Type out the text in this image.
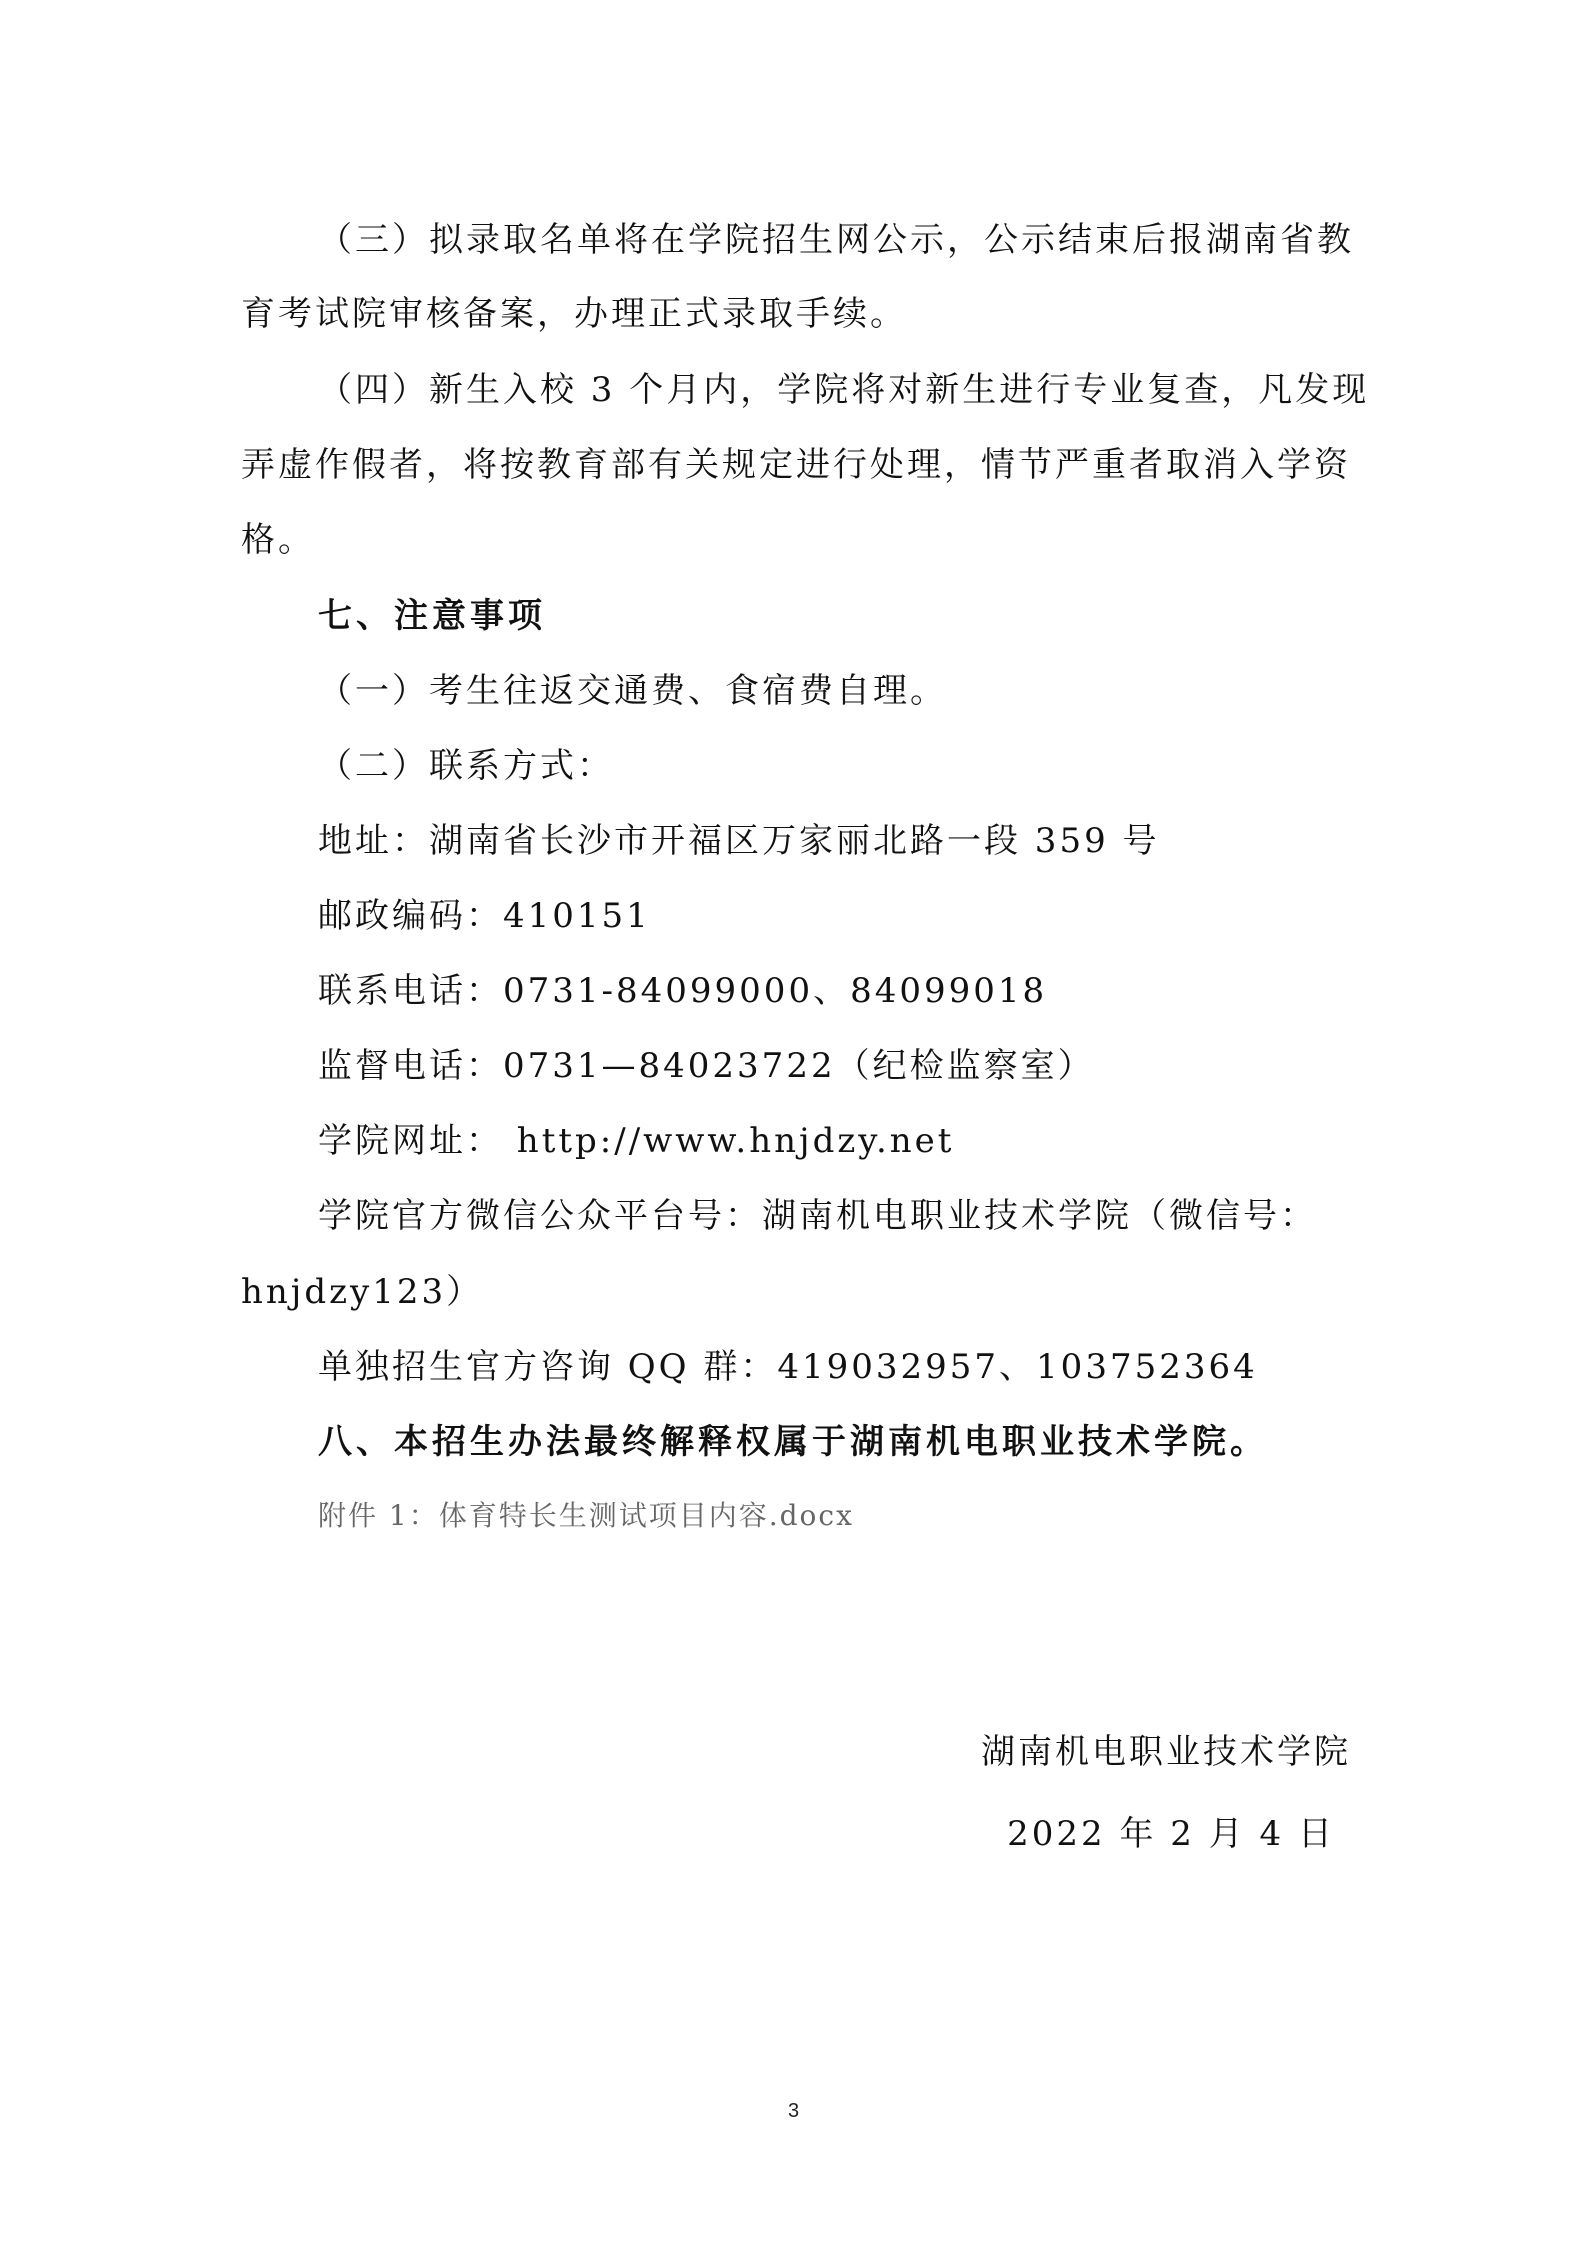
（三）拟录取名单将在学院招生网公示，公示结束后报湖南省教
育考试院审核备案，办理正式录取手续。
（四）新生入校 3 个月内，学院将对新生进行专业复查，凡发现
弄虚作假者，将按教育部有关规定进行处理，情节严重者取消入学资
格。
七、注意事项
（一）考生往返交通费、食宿费自理。
（二）联系方式：
地址：湖南省长沙市开福区万家丽北路一段 359 号
邮政编码：410151
联系电话：0731-84099000、84099018
监督电话：0731—84023722（纪检监察室）
学院网址： http://www.hnjdzy.net
学院官方微信公众平台号：湖南机电职业技术学院（微信号：
hnjdzy123）
单独招生官方咨询 QQ 群：419032957、103752364
八、本招生办法最终解释权属于湖南机电职业技术学院。
附件 1：体育特长生测试项目内容.docx
湖南机电职业技术学院
2022 年 2 月 4 日
3
